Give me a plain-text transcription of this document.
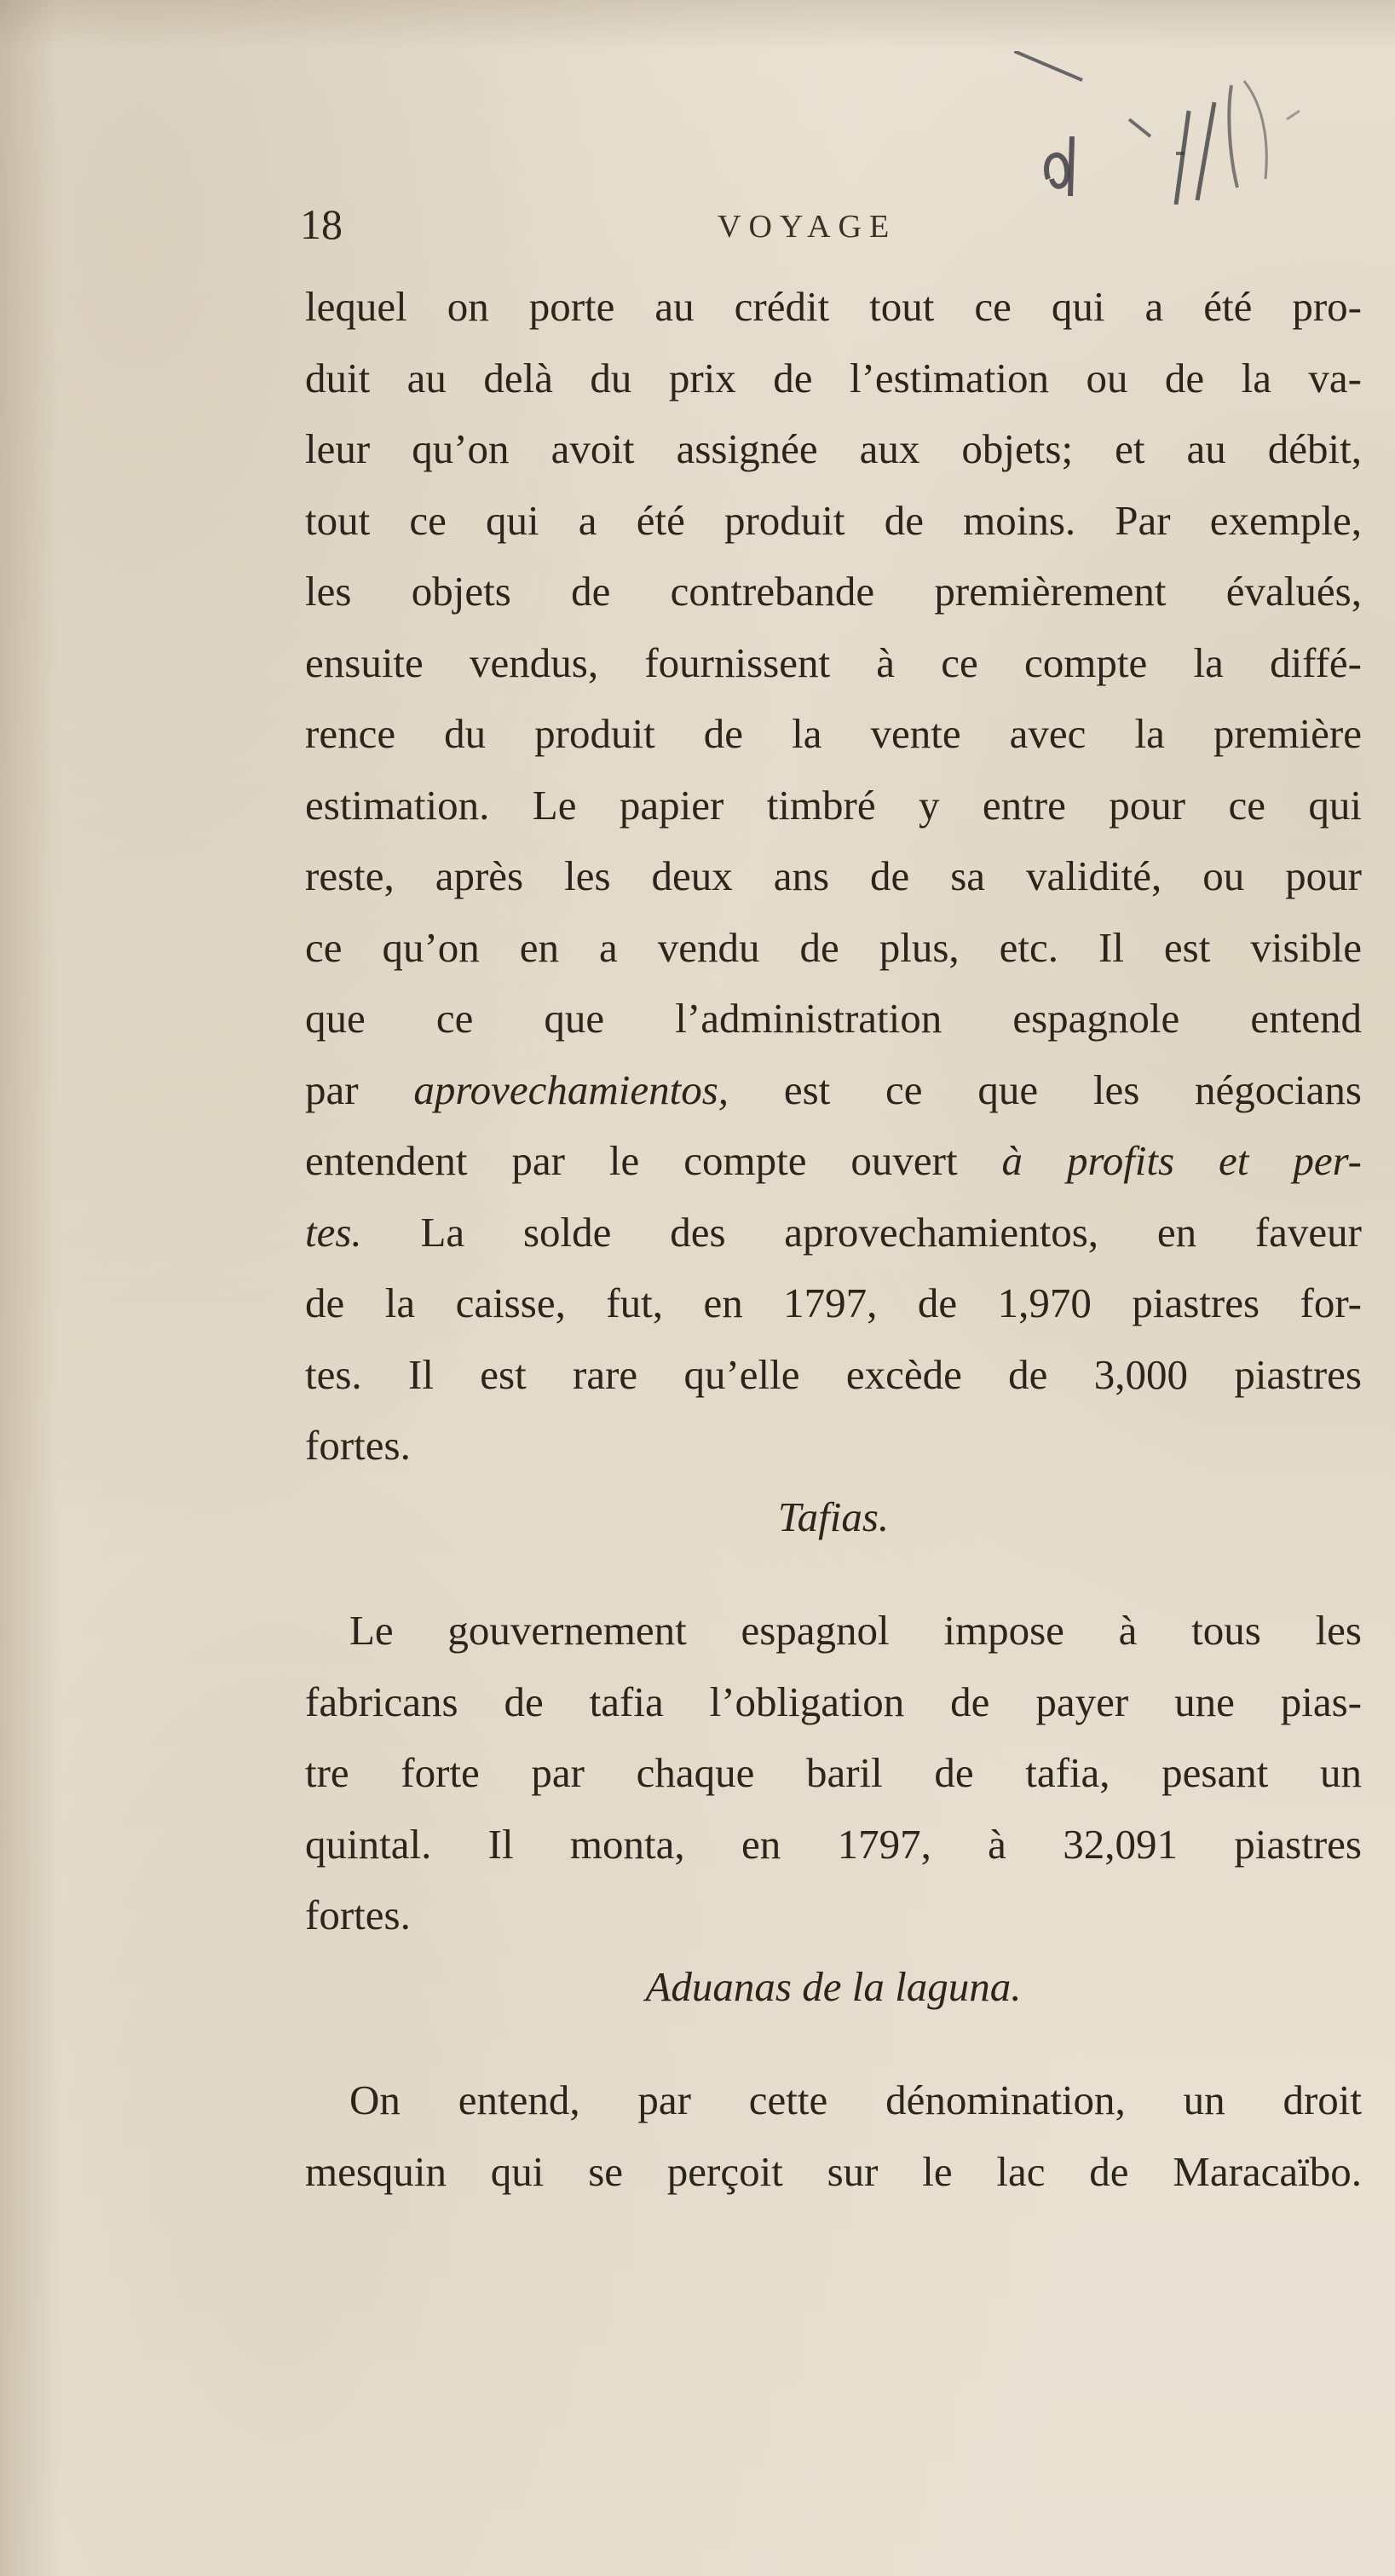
18	VOYAGE
lequel on porte au crédit tout ce qui a été pro-
duit au delà du prix de l’estimation ou de la va-
leur qu’on avoit assignée aux objets; et au débit,
tout ce qui a été produit de moins. Par exemple,
les objets de contrebande premièrement évalués,
ensuite vendus, fournissent à ce compte la diffé-
rence du produit de la vente avec la première
estimation. Le papier timbré y entre pour ce qui
reste, après les deux ans de sa validité, ou pour
ce qu’on en a vendu de plus, etc. Il est visible
que ce que l’administration espagnole entend
par aprovechamientos, est ce que les négocians
entendent par le compte ouvert à profits et per-
tes. La solde des aprovechamientos, en faveur
de la caisse, fut, en 1797, de 1,970 piastres for-
tes. Il est rare qu’elle excède de 3,000 piastres
fortes.
Tafias.
Le gouvernement espagnol impose à tous les
fabricans de tafia l’obligation de payer une pias-
tre forte par chaque baril de tafia, pesant un
quintal. Il monta, en 1797, à 32,091 piastres
fortes.
Aduanas de la laguna.
On entend, par cette dénomination, un droit
mesquin qui se perçoit sur le lac de Maracaïbo.
